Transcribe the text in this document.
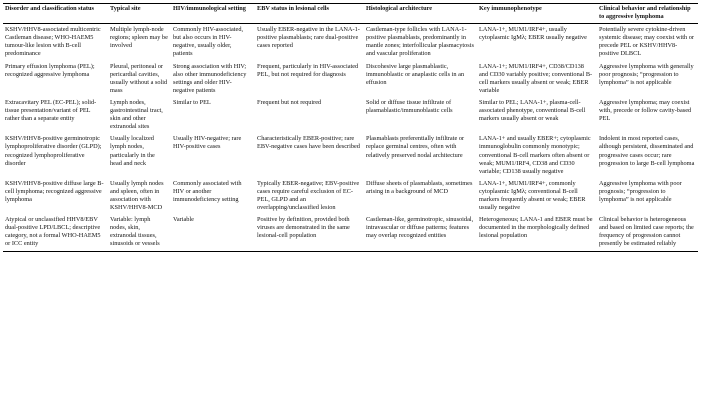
Disorder and classification status	Typical site	HIV/immunological setting	EBV status in lesional cells	Histological architecture	Key immunophenotype	Clinical behavior and relationship to aggressive lymphoma
KSHV/HHV8-associated multicentric Castleman disease; WHO-HAEM5 tumour-like lesion with B-cell predominance	Multiple lymph-node regions; spleen may be involved	Commonly HIV-associated, but also occurs in HIV-negative, usually older, patients	Usually EBER-negative in the LANA-1-positive plasmablasts; rare dual-positive cases reported	Castleman-type follicles with LANA-1-positive plasmablasts, predominantly in mantle zones; interfollicular plasmacytosis and vascular proliferation	LANA-1+, MUM1/IRF4+, usually cytoplasmic IgMλ; EBER usually negative	Potentially severe cytokine-driven systemic disease; may coexist with or precede PEL or KSHV/HHV8-positive DLBCL
Primary effusion lymphoma (PEL); recognized aggressive lymphoma	Pleural, peritoneal or pericardial cavities, usually without a solid mass	Strong association with HIV; also other immunodeficiency settings and older HIV-negative patients	Frequent, particularly in HIV-associated PEL, but not required for diagnosis	Discohesive large plasmablastic, immunoblastic or anaplastic cells in an effusion	LANA-1+; MUM1/IRF4+, CD38/CD138 and CD30 variably positive; conventional B-cell markers usually absent or weak; EBER variable	Aggressive lymphoma with generally poor prognosis; “progression to lymphoma” is not applicable
Extracavitary PEL (EC-PEL); solid-tissue presentation/variant of PEL rather than a separate entity	Lymph nodes, gastrointestinal tract, skin and other extranodal sites	Similar to PEL	Frequent but not required	Solid or diffuse tissue infiltrate of plasmablastic/immunoblastic cells	Similar to PEL; LANA-1+, plasma-cell-associated phenotype, conventional B-cell markers usually absent or weak	Aggressive lymphoma; may coexist with, precede or follow cavity-based PEL
KSHV/HHV8-positive germinotropic lymphoproliferative disorder (GLPD); recognized lymphoproliferative disorder	Usually localized lymph nodes, particularly in the head and neck	Usually HIV-negative; rare HIV-positive cases	Characteristically EBER-positive; rare EBV-negative cases have been described	Plasmablasts preferentially infiltrate or replace germinal centres, often with relatively preserved nodal architecture	LANA-1+ and usually EBER+; cytoplasmic immunoglobulin commonly monotypic; conventional B-cell markers often absent or weak; MUM1/IRF4, CD38 and CD30 variable; CD138 usually negative	Indolent in most reported cases, although persistent, disseminated and progressive cases occur; rare progression to large B-cell lymphoma
KSHV/HHV8-positive diffuse large B-cell lymphoma; recognized aggressive lymphoma	Usually lymph nodes and spleen, often in association with KSHV/HHV8-MCD	Commonly associated with HIV or another immunodeficiency setting	Typically EBER-negative; EBV-positive cases require careful exclusion of EC-PEL, GLPD and an overlapping/unclassified lesion	Diffuse sheets of plasmablasts, sometimes arising in a background of MCD	LANA-1+, MUM1/IRF4+, commonly cytoplasmic IgMλ; conventional B-cell markers frequently absent or weak; EBER usually negative	Aggressive lymphoma with poor prognosis; “progression to lymphoma” is not applicable
Atypical or unclassified HHV8/EBV dual-positive LPD/LBCL; descriptive category, not a formal WHO-HAEM5 or ICC entity	Variable: lymph nodes, skin, extranodal tissues, sinusoids or vessels	Variable	Positive by definition, provided both viruses are demonstrated in the same lesional-cell population	Castleman-like, germinotropic, sinusoidal, intravascular or diffuse patterns; features may overlap recognized entities	Heterogeneous; LANA-1 and EBER must be documented in the morphologically defined lesional population	Clinical behavior is heterogeneous and based on limited case reports; the frequency of progression cannot presently be estimated reliably
